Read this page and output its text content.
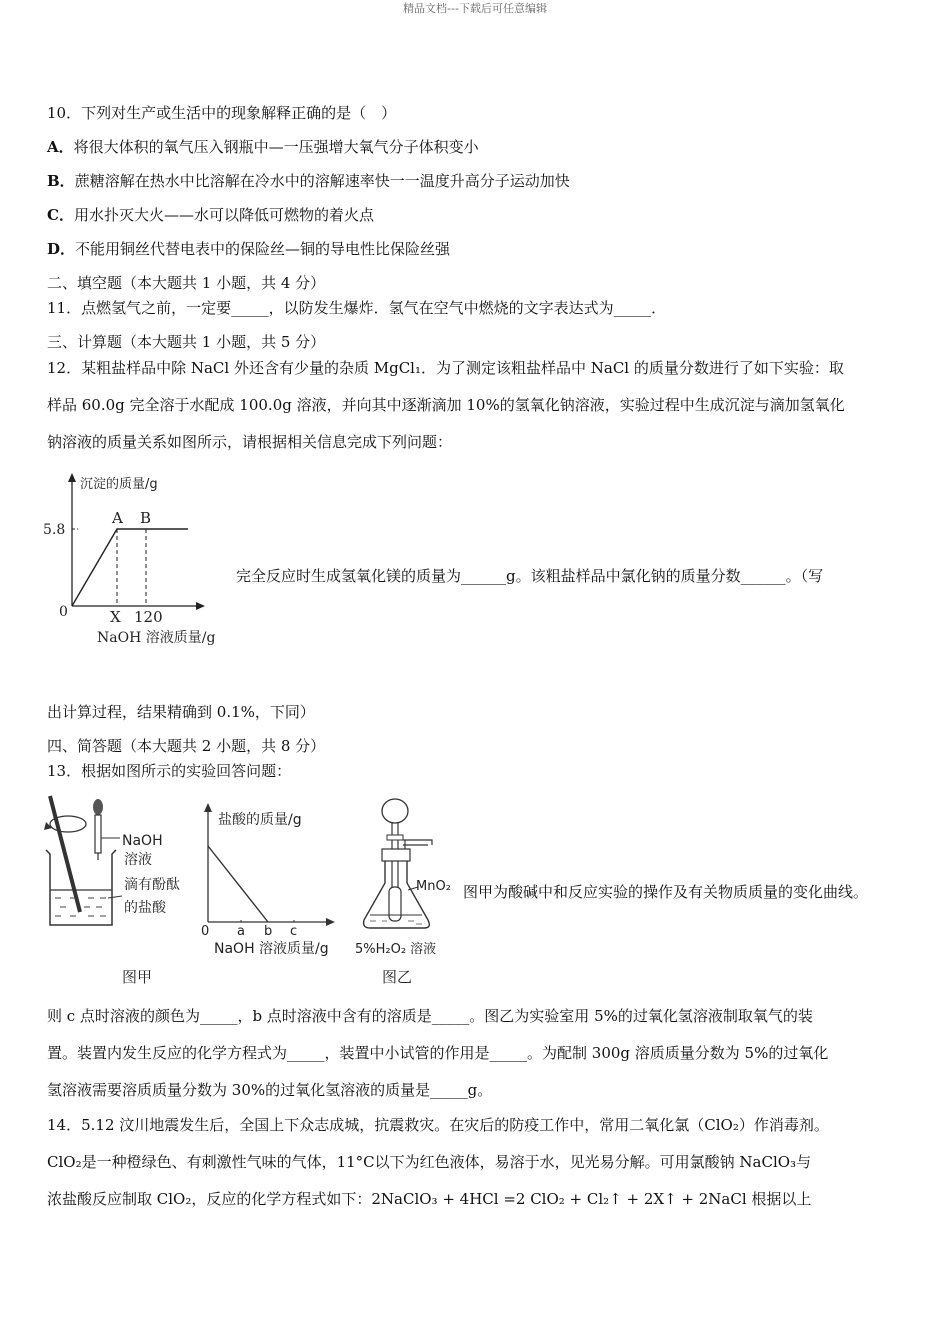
精品文档---下载后可任意编辑
10．下列对生产或生活中的现象解释正确的是（　）
A．将很大体积的氧气压入钢瓶中—一压强增大氧气分子体积变小
B．蔗糖溶解在热水中比溶解在冷水中的溶解速率快一一温度升高分子运动加快
C．用水扑灭大火——水可以降低可燃物的着火点
D．不能用铜丝代替电表中的保险丝—铜的导电性比保险丝强
二、填空题（本大题共 1 小题，共 4 分）
11．点燃氢气之前，一定要_____，以防发生爆炸．氢气在空气中燃烧的文字表达式为_____．
三、计算题（本大题共 1 小题，共 5 分）
12．某粗盐样品中除 NaCl 外还含有少量的杂质 MgCl₁．为了测定该粗盐样品中 NaCl 的质量分数进行了如下实验：取
样品 60.0g 完全溶于水配成 100.0g 溶液，并向其中逐渐滴加 10%的氢氧化钠溶液，实验过程中生成沉淀与滴加氢氧化
钠溶液的质量关系如图所示，请根据相关信息完成下列问题：
沉淀的质量/g
5.8
A B
0	X 120
NaOH 溶液质量/g
完全反应时生成氢氧化镁的质量为______g。该粗盐样品中氯化钠的质量分数______。（写
出计算过程，结果精确到 0.1%，下同）
四、简答题（本大题共 2 小题，共 8 分）
13．根据如图所示的实验回答问题：
NaOH
溶液
滴有酚酞
的盐酸
图甲
盐酸的质量/g
0 a b c
NaOH 溶液质量/g
MnO₂
5%H₂O₂ 溶液
图乙
图甲为酸碱中和反应实验的操作及有关物质质量的变化曲线。
则 c 点时溶液的颜色为_____，b 点时溶液中含有的溶质是_____。图乙为实验室用 5%的过氧化氢溶液制取氧气的装
置。装置内发生反应的化学方程式为_____，装置中小试管的作用是_____。为配制 300g 溶质质量分数为 5%的过氧化
氢溶液需要溶质质量分数为 30%的过氧化氢溶液的质量是_____g。
14．5.12 汶川地震发生后，全国上下众志成城，抗震救灾。在灾后的防疫工作中，常用二氧化氯（ClO₂）作消毒剂。
ClO₂是一种橙绿色、有刺激性气味的气体，11°C以下为红色液体，易溶于水，见光易分解。可用氯酸钠 NaClO₃与
浓盐酸反应制取 ClO₂，反应的化学方程式如下：2NaClO₃ + 4HCl =2 ClO₂ + Cl₂↑ + 2X↑ + 2NaCl 根据以上
